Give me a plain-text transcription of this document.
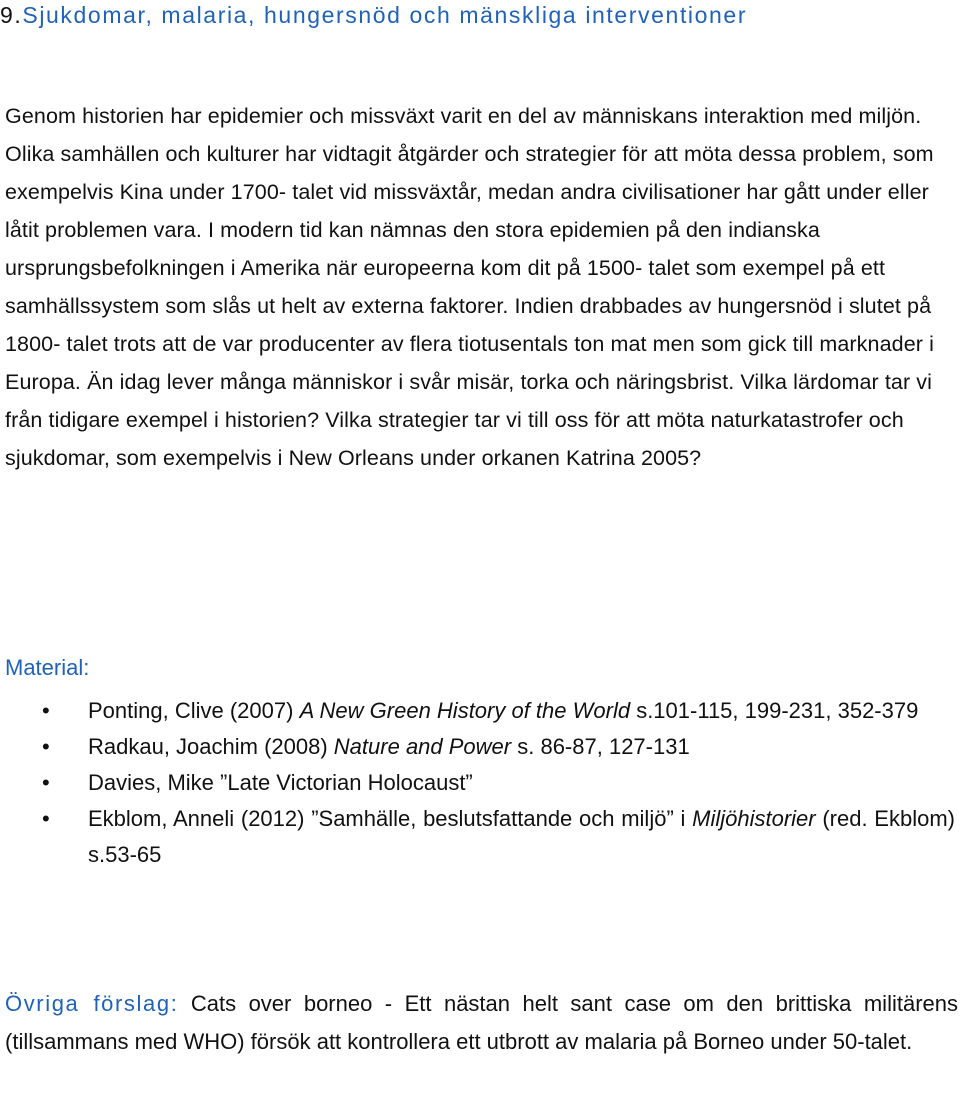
9.Sjukdomar, malaria, hungersnöd och mänskliga interventioner

Genom historien har epidemier och missväxt varit en del av människans interaktion med miljön. Olika samhällen och kulturer har vidtagit åtgärder och strategier för att möta dessa problem, som exempelvis Kina under 1700- talet vid missväxtår, medan andra civilisationer har gått under eller låtit problemen vara. I modern tid kan nämnas den stora epidemien på den indianska ursprungsbefolkningen i Amerika när europeerna kom dit på 1500- talet som exempel på ett samhällssystem som slås ut helt av externa faktorer. Indien drabbades av hungersnöd i slutet på 1800- talet trots att de var producenter av flera tiotusentals ton mat men som gick till marknader i Europa. Än idag lever många människor i svår misär, torka och näringsbrist. Vilka lärdomar tar vi från tidigare exempel i historien? Vilka strategier tar vi till oss för att möta naturkatastrofer och sjukdomar, som exempelvis i New Orleans under orkanen Katrina 2005?

Material:
• Ponting, Clive (2007) A New Green History of the World s.101-115, 199-231, 352-379
• Radkau, Joachim (2008) Nature and Power s. 86-87, 127-131
• Davies, Mike ”Late Victorian Holocaust”
• Ekblom, Anneli (2012) ”Samhälle, beslutsfattande och miljö” i Miljöhistorier (red. Ekblom) s.53-65

Övriga förslag: Cats over borneo - Ett nästan helt sant case om den brittiska militärens (tillsammans med WHO) försök att kontrollera ett utbrott av malaria på Borneo under 50-talet.
